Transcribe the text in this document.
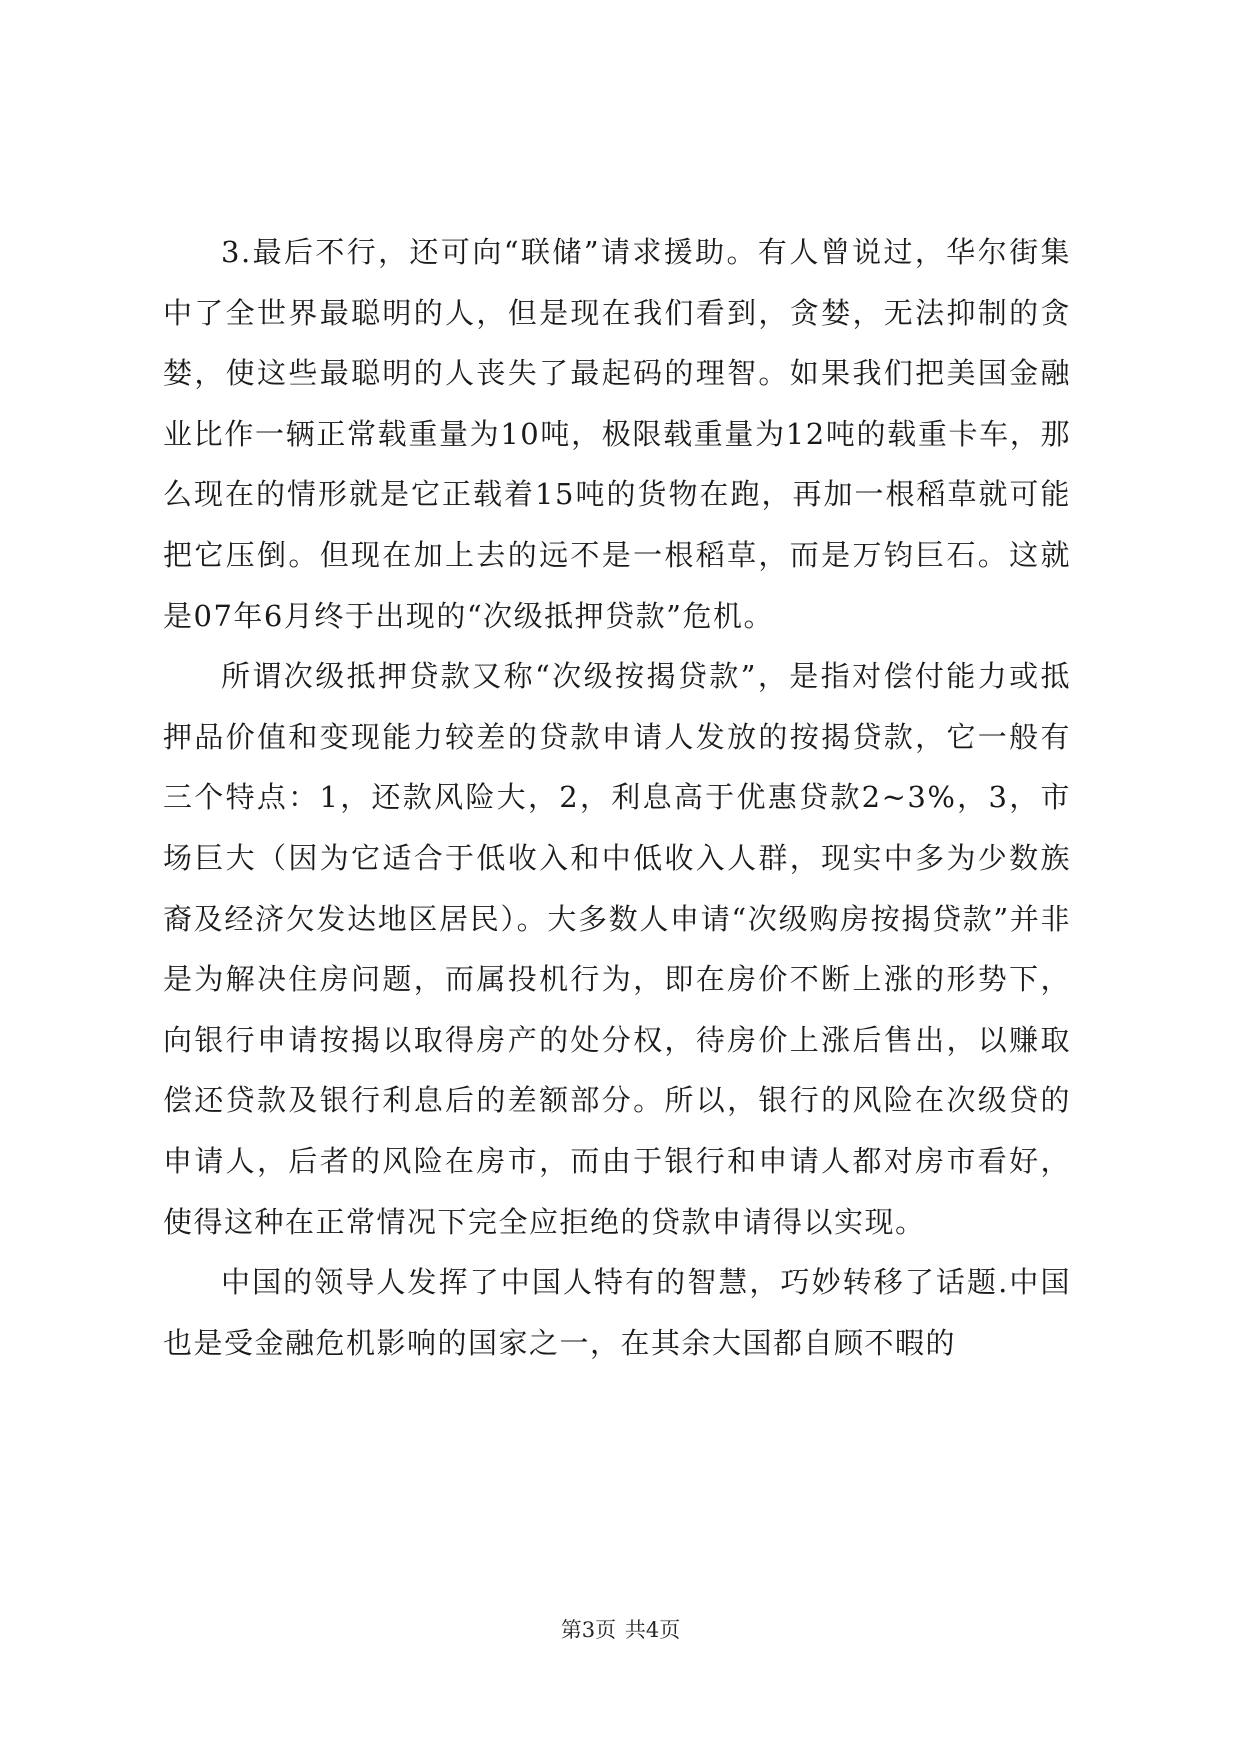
3.最后不行，还可向“联储”请求援助。有人曾说过，华尔街集中了全世界最聪明的人，但是现在我们看到，贪婪，无法抑制的贪婪，使这些最聪明的人丧失了最起码的理智。如果我们把美国金融业比作一辆正常载重量为10吨，极限载重量为12吨的载重卡车，那么现在的情形就是它正载着15吨的货物在跑，再加一根稻草就可能把它压倒。但现在加上去的远不是一根稻草，而是万钧巨石。这就是07年6月终于出现的“次级抵押贷款”危机。

所谓次级抵押贷款又称“次级按揭贷款”，是指对偿付能力或抵押品价值和变现能力较差的贷款申请人发放的按揭贷款，它一般有三个特点：1，还款风险大，2，利息高于优惠贷款2~3%，3，市场巨大（因为它适合于低收入和中低收入人群，现实中多为少数族裔及经济欠发达地区居民）。大多数人申请“次级购房按揭贷款”并非是为解决住房问题，而属投机行为，即在房价不断上涨的形势下，向银行申请按揭以取得房产的处分权，待房价上涨后售出，以赚取偿还贷款及银行利息后的差额部分。所以，银行的风险在次级贷的申请人，后者的风险在房市，而由于银行和申请人都对房市看好，使得这种在正常情况下完全应拒绝的贷款申请得以实现。

中国的领导人发挥了中国人特有的智慧，巧妙转移了话题.中国也是受金融危机影响的国家之一，在其余大国都自顾不暇的

第3页 共4页
